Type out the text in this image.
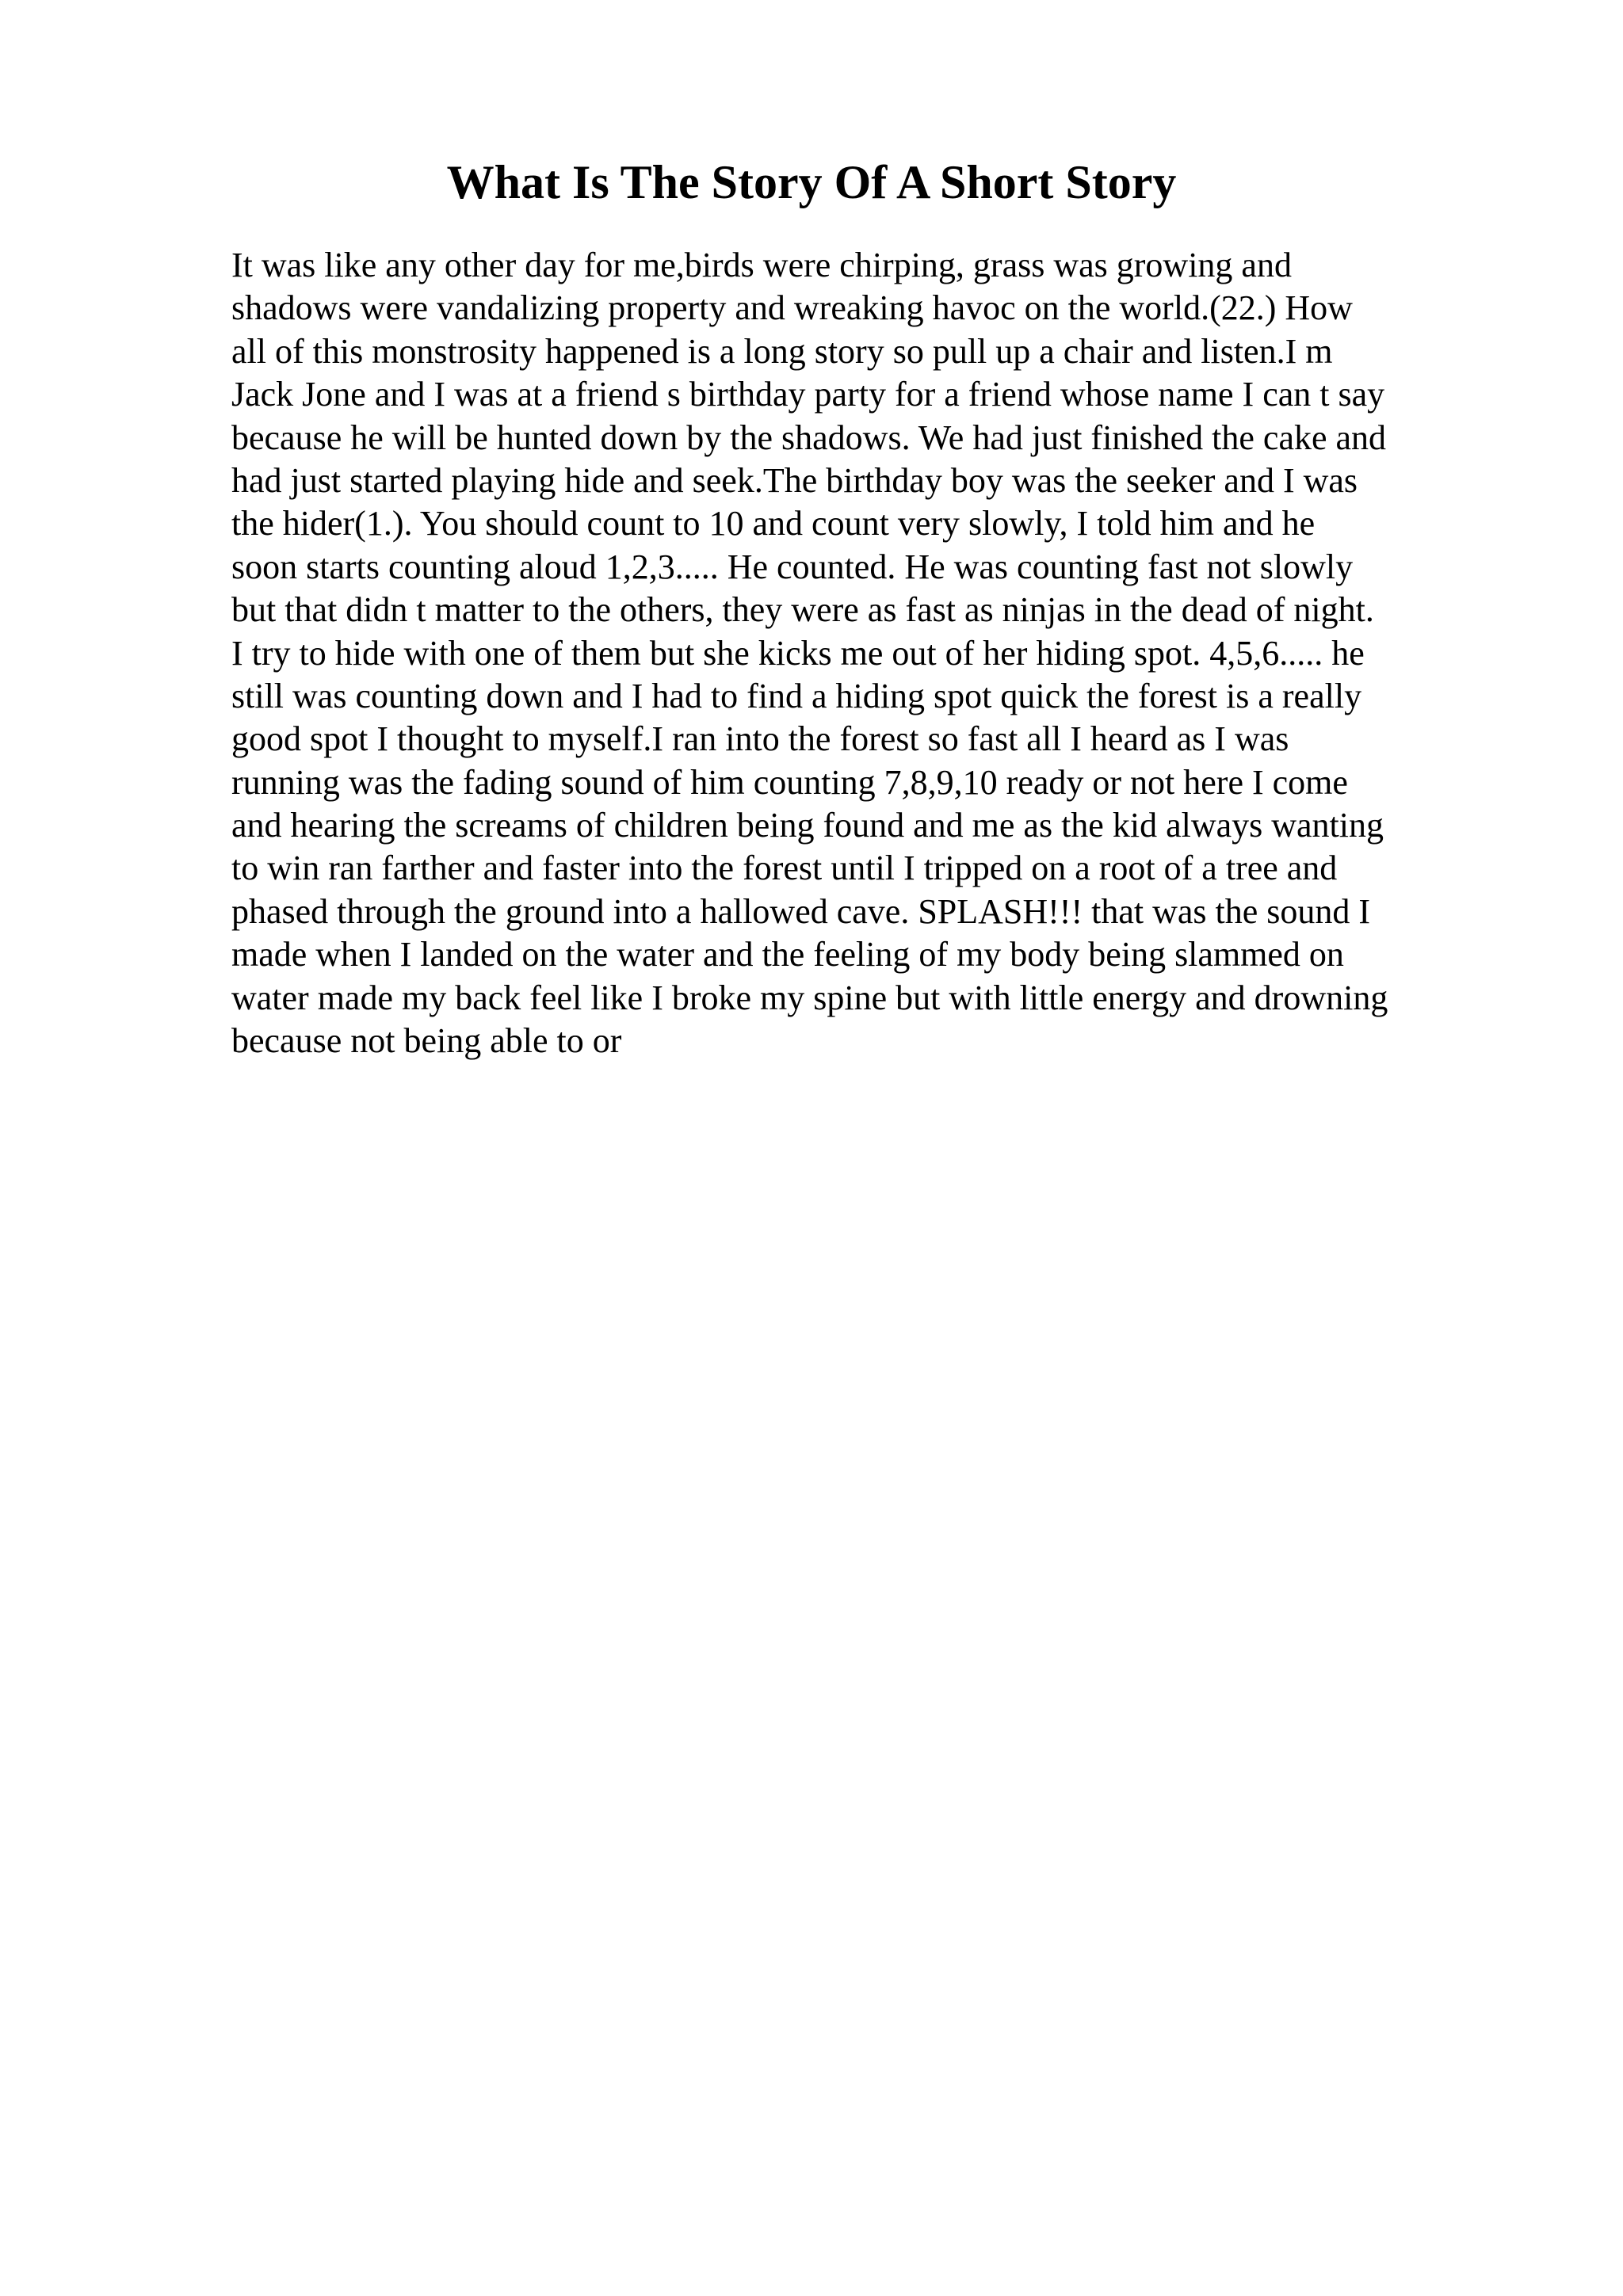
What Is The Story Of A Short Story
It was like any other day for me,birds were chirping, grass was growing and
shadows were vandalizing property and wreaking havoc on the world.(22.) How
all of this monstrosity happened is a long story so pull up a chair and listen.I m
Jack Jone and I was at a friend s birthday party for a friend whose name I can t say
because he will be hunted down by the shadows. We had just finished the cake and
had just started playing hide and seek.The birthday boy was the seeker and I was
the hider(1.). You should count to 10 and count very slowly, I told him and he
soon starts counting aloud 1,2,3..... He counted. He was counting fast not slowly
but that didn t matter to the others, they were as fast as ninjas in the dead of night.
I try to hide with one of them but she kicks me out of her hiding spot. 4,5,6..... he
still was counting down and I had to find a hiding spot quick the forest is a really
good spot I thought to myself.I ran into the forest so fast all I heard as I was
running was the fading sound of him counting 7,8,9,10 ready or not here I come
and hearing the screams of children being found and me as the kid always wanting
to win ran farther and faster into the forest until I tripped on a root of a tree and
phased through the ground into a hallowed cave. SPLASH!!! that was the sound I
made when I landed on the water and the feeling of my body being slammed on
water made my back feel like I broke my spine but with little energy and drowning
because not being able to or
